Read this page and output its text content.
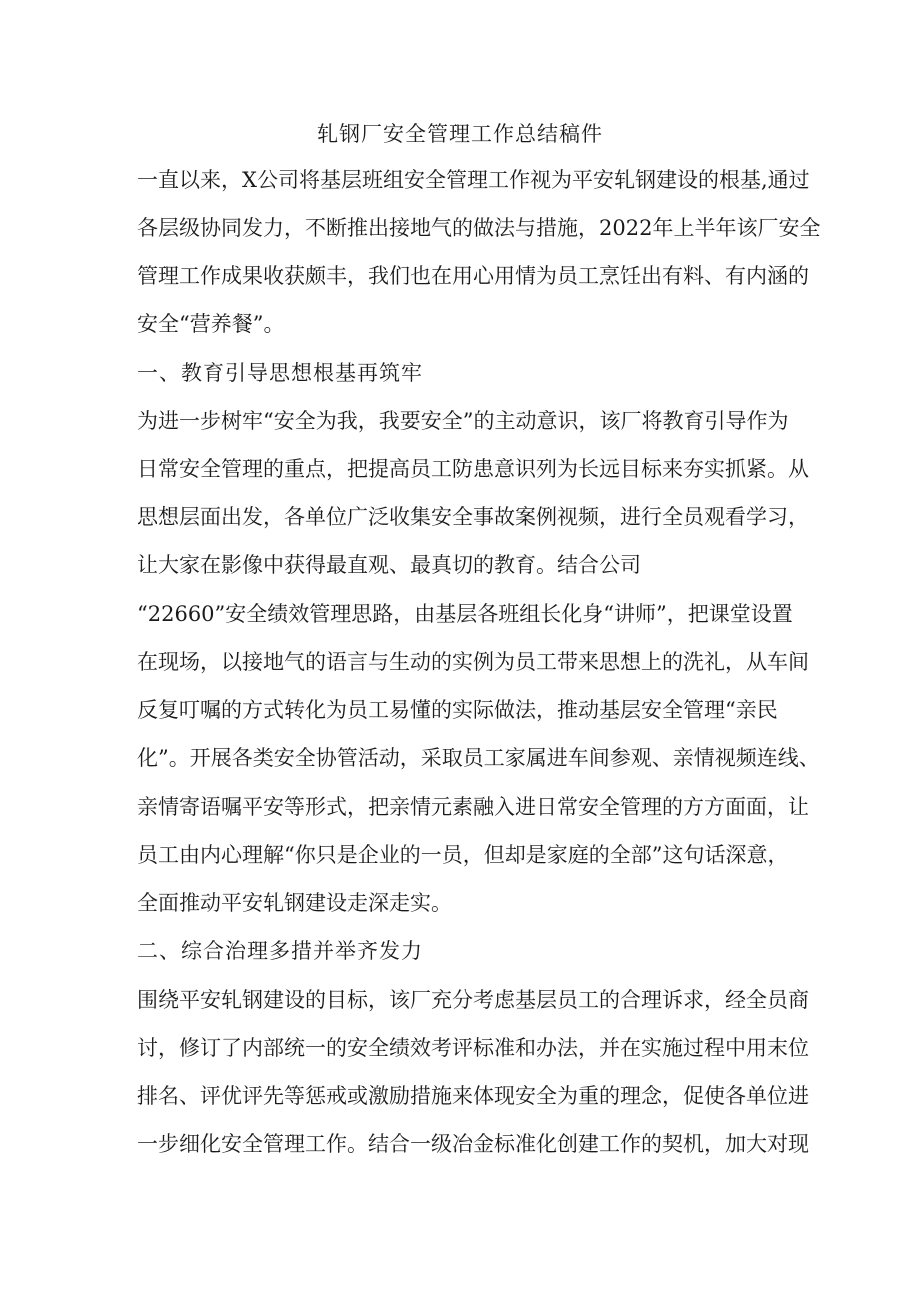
轧钢厂安全管理工作总结稿件
一直以来，X公司将基层班组安全管理工作视为平安轧钢建设的根基,通过
各层级协同发力，不断推出接地气的做法与措施，2022年上半年该厂安全
管理工作成果收获颇丰，我们也在用心用情为员工烹饪出有料、有内涵的
安全“营养餐”。
一、教育引导思想根基再筑牢
为进一步树牢“安全为我，我要安全”的主动意识，该厂将教育引导作为
日常安全管理的重点，把提高员工防患意识列为长远目标来夯实抓紧。从
思想层面出发，各单位广泛收集安全事故案例视频，进行全员观看学习，
让大家在影像中获得最直观、最真切的教育。结合公司
“22660”安全绩效管理思路，由基层各班组长化身“讲师”，把课堂设置
在现场，以接地气的语言与生动的实例为员工带来思想上的洗礼，从车间
反复叮嘱的方式转化为员工易懂的实际做法，推动基层安全管理“亲民
化”。开展各类安全协管活动，采取员工家属进车间参观、亲情视频连线、
亲情寄语嘱平安等形式，把亲情元素融入进日常安全管理的方方面面，让
员工由内心理解“你只是企业的一员，但却是家庭的全部”这句话深意，
全面推动平安轧钢建设走深走实。
二、综合治理多措并举齐发力
围绕平安轧钢建设的目标，该厂充分考虑基层员工的合理诉求，经全员商
讨，修订了内部统一的安全绩效考评标准和办法，并在实施过程中用末位
排名、评优评先等惩戒或激励措施来体现安全为重的理念，促使各单位进
一步细化安全管理工作。结合一级冶金标准化创建工作的契机，加大对现
